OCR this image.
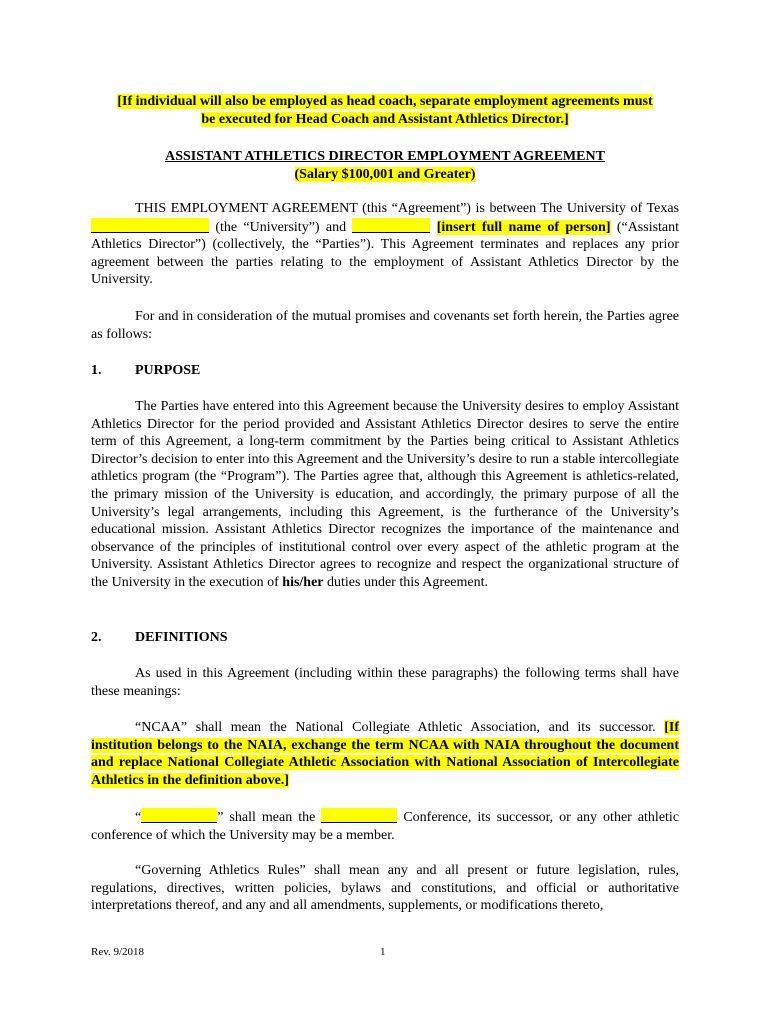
[If individual will also be employed as head coach, separate employment agreements must
be executed for Head Coach and Assistant Athletics Director.]
ASSISTANT ATHLETICS DIRECTOR EMPLOYMENT AGREEMENT
(Salary $100,001 and Greater)
THIS EMPLOYMENT AGREEMENT (this “Agreement”) is between The University of Texas  (the “University”) and	[insert full name of person] (“Assistant Athletics Director”) (collectively, the “Parties”). This Agreement terminates and replaces any prior agreement between the parties relating to the employment of Assistant Athletics Director by the University.
For and in consideration of the mutual promises and covenants set forth herein, the Parties agree as follows:
1. PURPOSE
The Parties have entered into this Agreement because the University desires to employ Assistant Athletics Director for the period provided and Assistant Athletics Director desires to serve the entire term of this Agreement, a long-term commitment by the Parties being critical to Assistant Athletics Director’s decision to enter into this Agreement and the University’s desire to run a stable intercollegiate athletics program (the “Program”). The Parties agree that, although this Agreement is athletics-related, the primary mission of the University is education, and accordingly, the primary purpose of all the University’s legal arrangements, including this Agreement, is the furtherance of the University’s educational mission. Assistant Athletics Director recognizes the importance of the maintenance and observance of the principles of institutional control over every aspect of the athletic program at the University. Assistant Athletics Director agrees to recognize and respect the organizational structure of the University in the execution of his/her duties under this Agreement.
2. DEFINITIONS
As used in this Agreement (including within these paragraphs) the following terms shall have these meanings:
“NCAA” shall mean the National Collegiate Athletic Association, and its successor. [If institution belongs to the NAIA, exchange the term NCAA with NAIA throughout the document and replace National Collegiate Athletic Association with National Association of Intercollegiate Athletics in the definition above.]
“	” shall mean the	Conference, its successor, or any other athletic conference of which the University may be a member.
“Governing Athletics Rules” shall mean any and all present or future legislation, rules, regulations, directives, written policies, bylaws and constitutions, and official or authoritative interpretations thereof, and any and all amendments, supplements, or modifications thereto,
Rev. 9/2018	1
